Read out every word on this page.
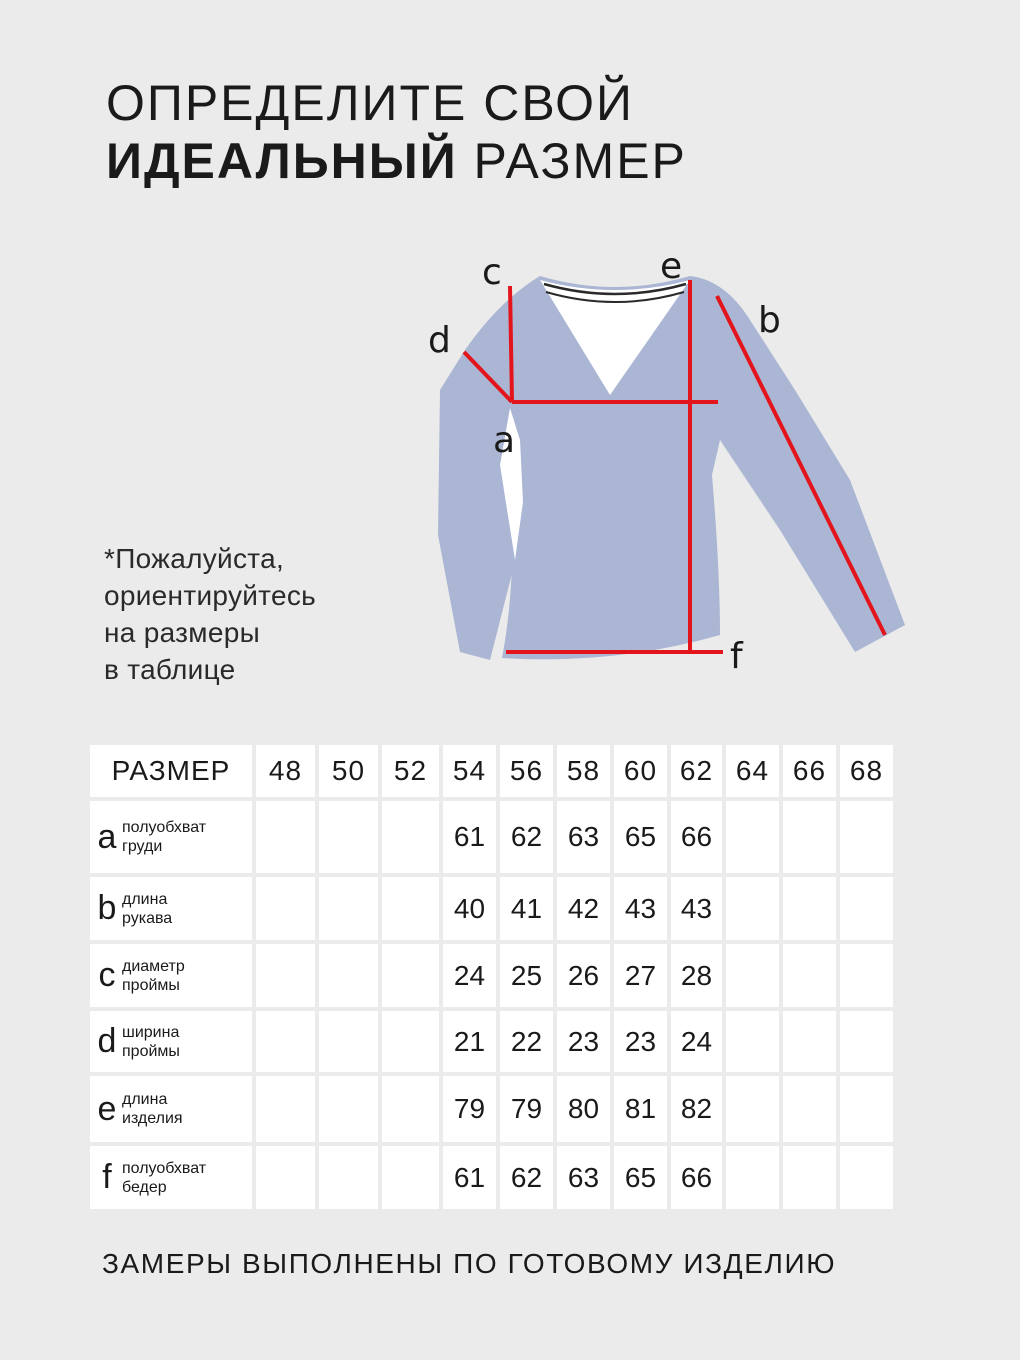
ОПРЕДЕЛИТЕ СВОЙ
ИДЕАЛЬНЫЙ РАЗМЕР
*Пожалуйста,
ориентируйтесь
на размеры
в таблице
c
d
a
e
b
f
РАЗМЕР	48	50	52	54	56	58	60	62	64	66	68
a полуобхват
груди				61	62	63	65	66			
b длина
рукава				40	41	42	43	43			
c диаметр
проймы				24	25	26	27	28			
d ширина
проймы				21	22	23	23	24			
e длина
изделия				79	79	80	81	82			
f полуобхват
бедер				61	62	63	65	66			
ЗАМЕРЫ ВЫПОЛНЕНЫ ПО ГОТОВОМУ ИЗДЕЛИЮ
